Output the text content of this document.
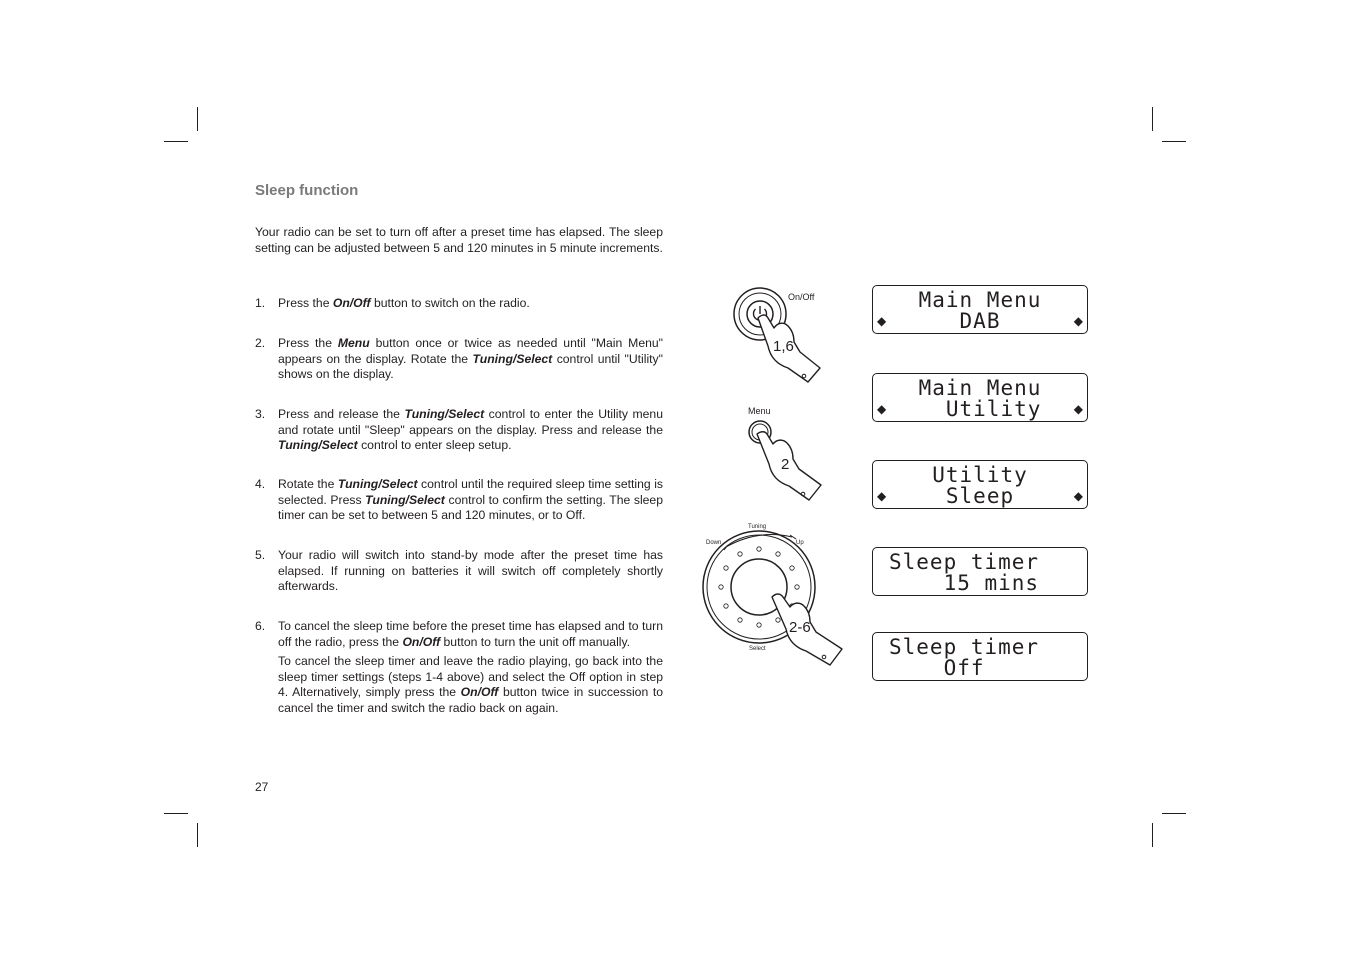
Sleep function
Your radio can be set to turn off after a preset time has elapsed. The sleep setting can be adjusted between 5 and 120 minutes in 5 minute increments.
1. Press the On/Off button to switch on the radio.

2. Press the Menu button once or twice as needed until "Main Menu" appears on the display. Rotate the Tuning/Select control until "Utility" shows on the display.

3. Press and release the Tuning/Select control to enter the Utility menu and rotate until "Sleep" appears on the display. Press and release the Tuning/Select control to enter sleep setup.

4. Rotate the Tuning/Select control until the required sleep time setting is selected. Press Tuning/Select control to confirm the setting. The sleep timer can be set to between 5 and 120 minutes, or to Off.

5. Your radio will switch into stand-by mode after the preset time has elapsed. If running on batteries it will switch off completely shortly afterwards.

6. To cancel the sleep time before the preset time has elapsed and to turn off the radio, press the On/Off button to turn the unit off manually.

To cancel the sleep timer and leave the radio playing, go back into the sleep timer settings (steps 1-4 above) and select the Off option in step 4. Alternatively, simply press the On/Off button twice in succession to cancel the timer and switch the radio back on again.

27
On/Off
1,6
Menu
2
Tuning
Down	Up
Select
2-6
Main Menu
DAB
◆	◆
Main Menu
Utility
◆	◆
Utility
Sleep
◆	◆
Sleep timer
15 mins
Sleep timer
Off
